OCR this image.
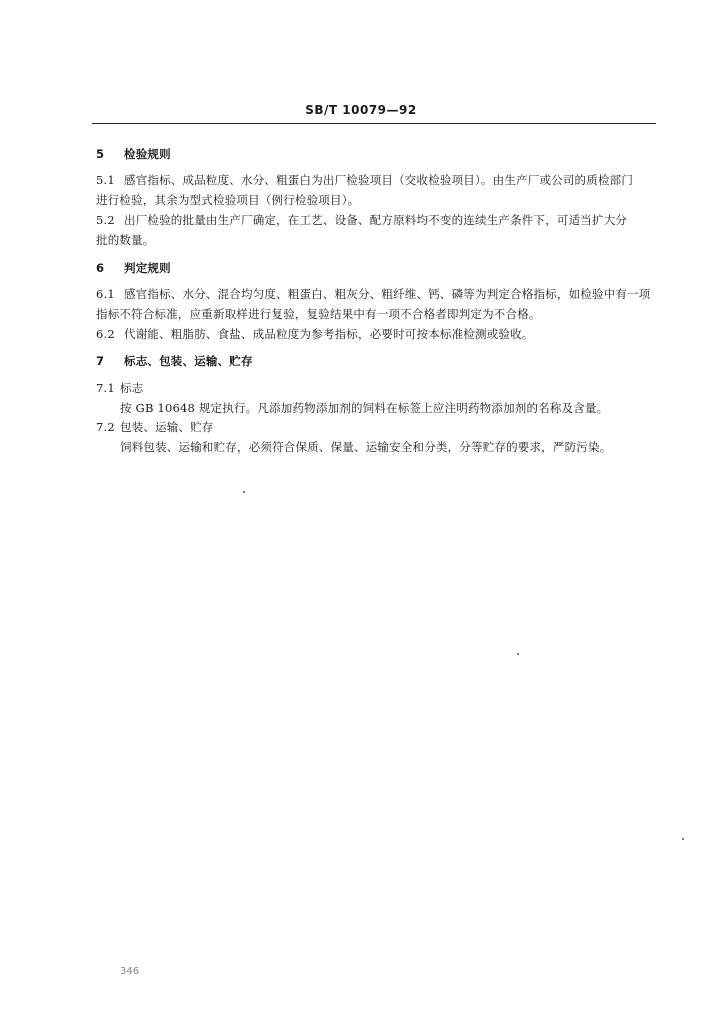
SB/T 10079—92
5 检验规则
5.1 感官指标、成品粒度、水分、粗蛋白为出厂检验项目（交收检验项目）。由生产厂或公司的质检部门
进行检验，其余为型式检验项目（例行检验项目）。
5.2 出厂检验的批量由生产厂确定，在工艺、设备、配方原料均不变的连续生产条件下，可适当扩大分
批的数量。
6 判定规则
6.1 感官指标、水分、混合均匀度、粗蛋白、粗灰分、粗纤维、钙、磷等为判定合格指标，如检验中有一项
指标不符合标准，应重新取样进行复验，复验结果中有一项不合格者即判定为不合格。
6.2 代谢能、粗脂肪、食盐、成品粒度为参考指标，必要时可按本标准检测或验收。
7 标志、包装、运输、贮存
7.1 标志
按 GB 10648 规定执行。凡添加药物添加剂的饲料在标签上应注明药物添加剂的名称及含量。
7.2 包装、运输、贮存
饲料包装、运输和贮存，必须符合保质、保量、运输安全和分类，分等贮存的要求，严防污染。
346
